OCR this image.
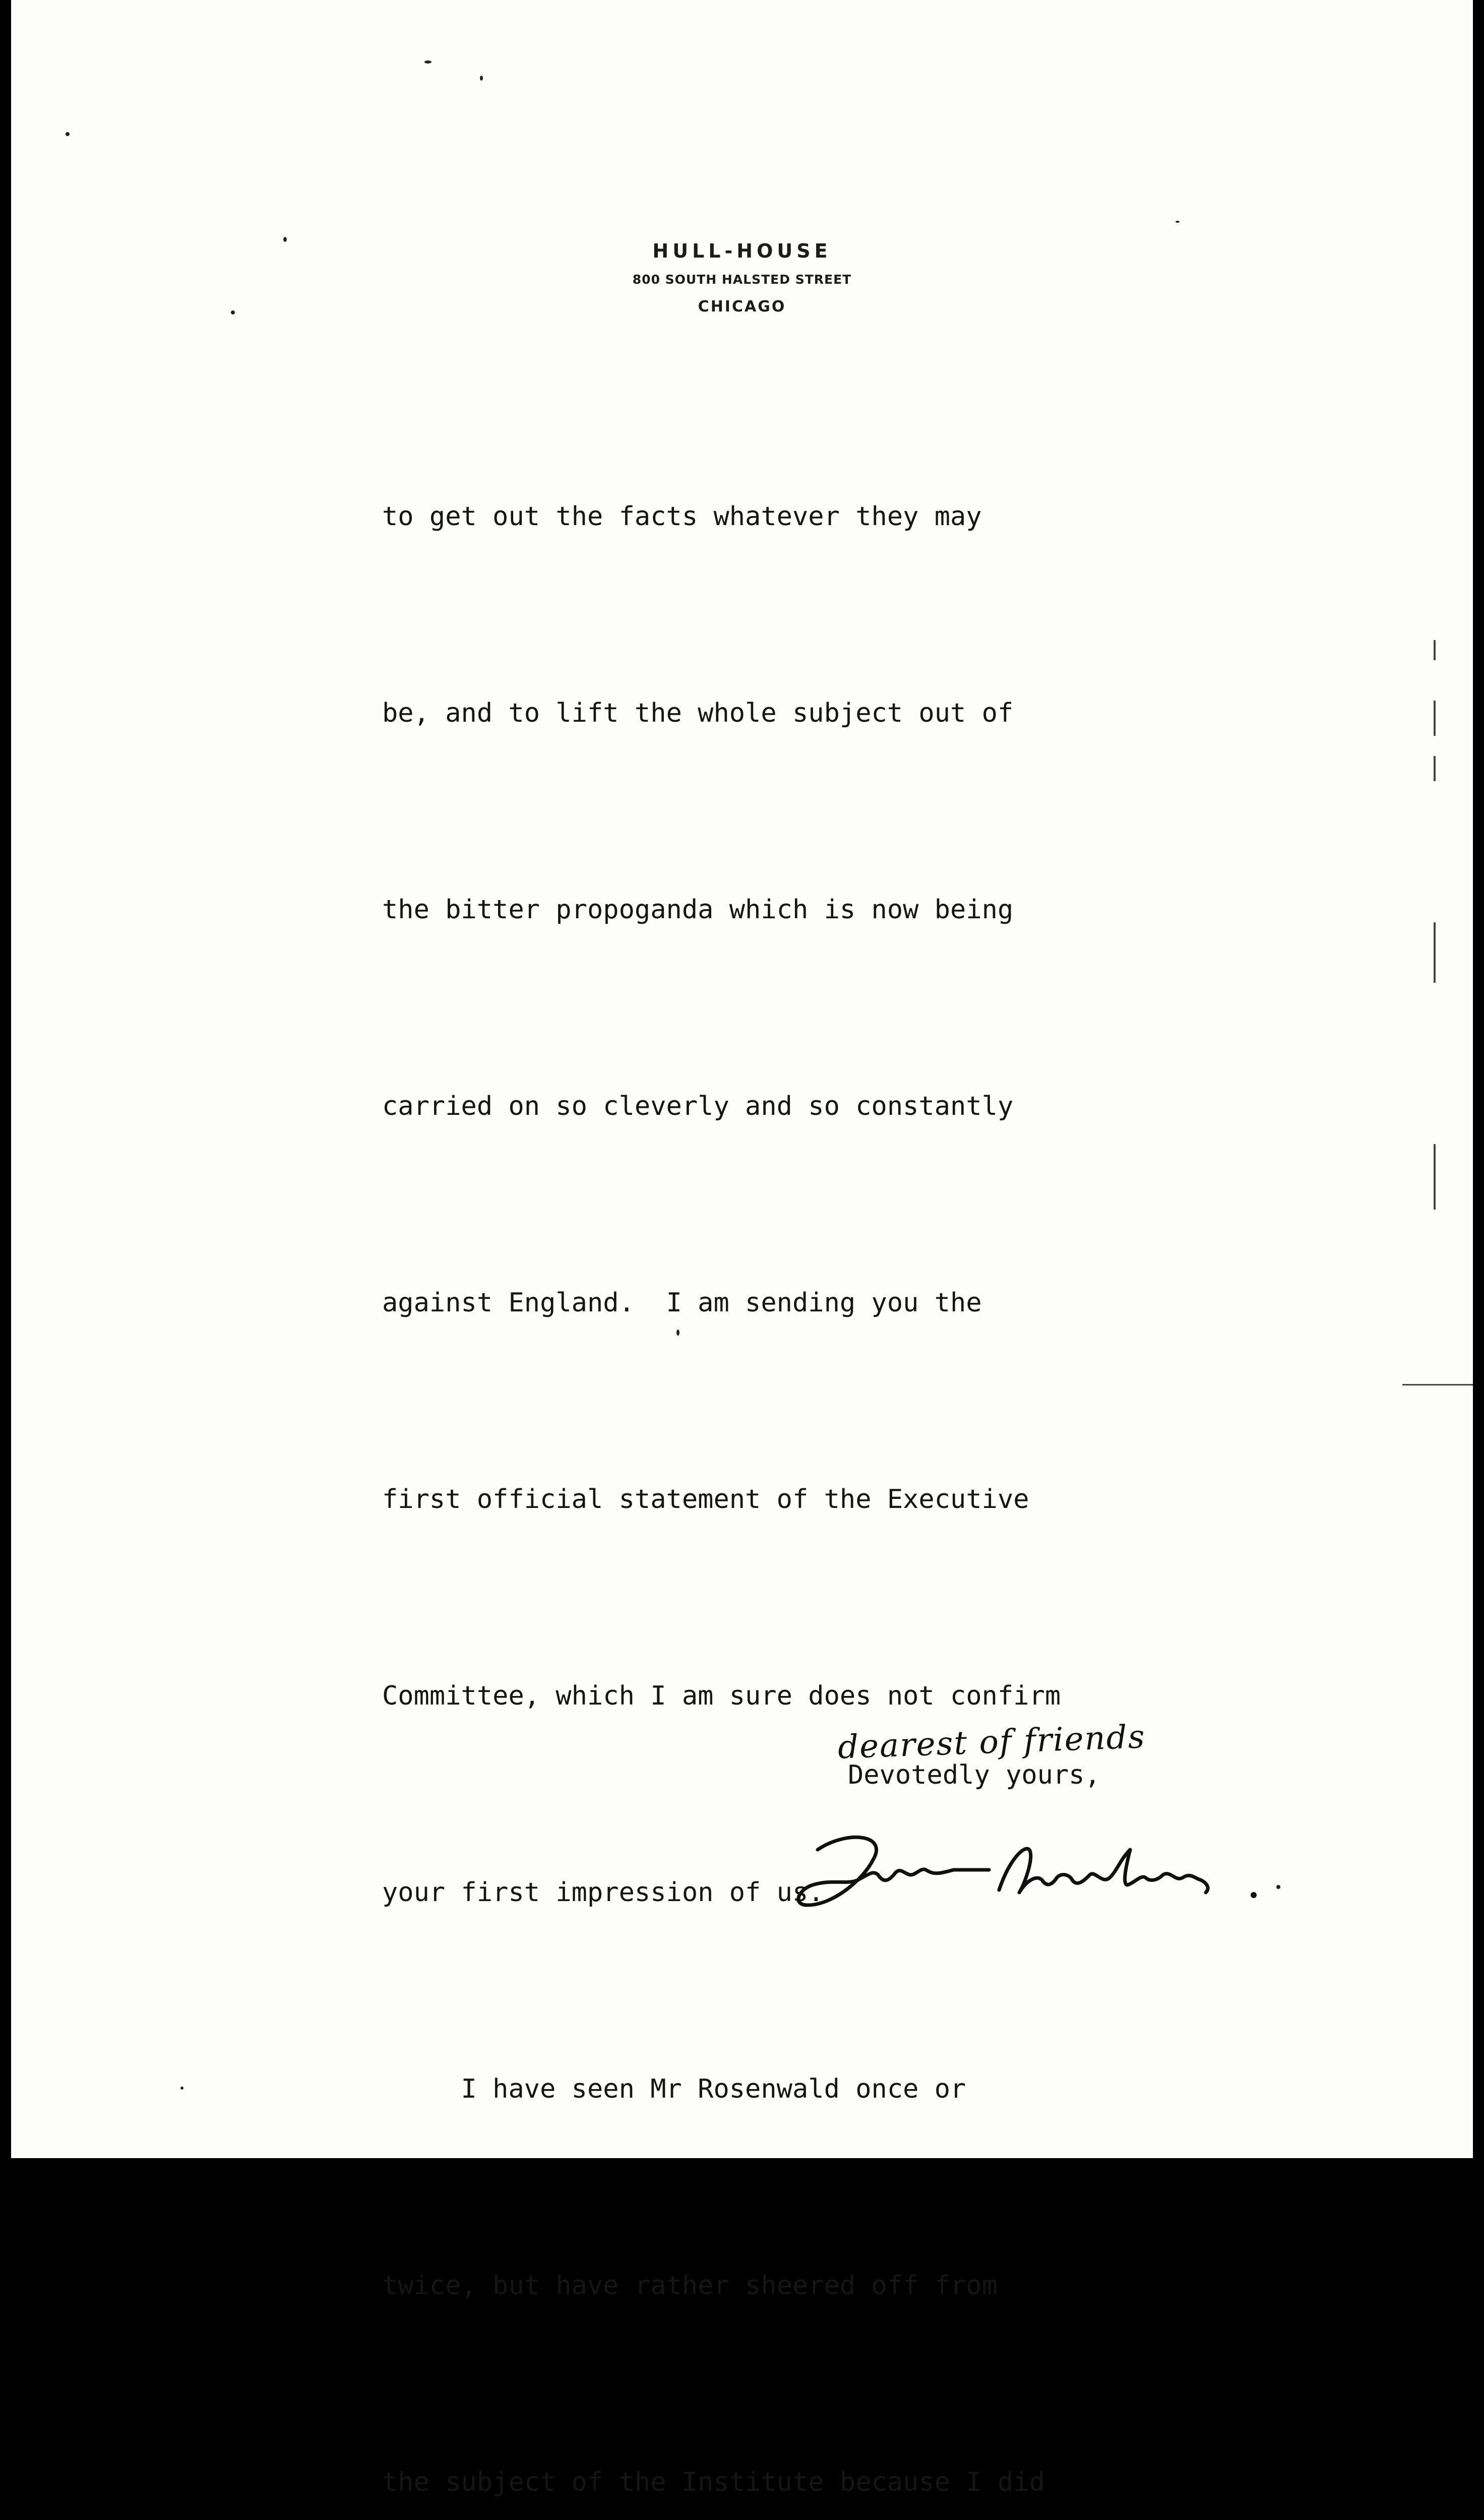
HULL-HOUSE
800 SOUTH HALSTED STREET
CHICAGO

to get out the facts whatever they may

be, and to lift the whole subject out of

the bitter propoganda which is now being

carried on so cleverly and so constantly

against England.  I am sending you the

first official statement of the Executive

Committee, which I am sure does not confirm

your first impression of us.

I have seen Mr Rosenwald once or

twice, but have rather sheered off from

the subject of the Institute because I did

dearest of friends
Devotedly yours,
